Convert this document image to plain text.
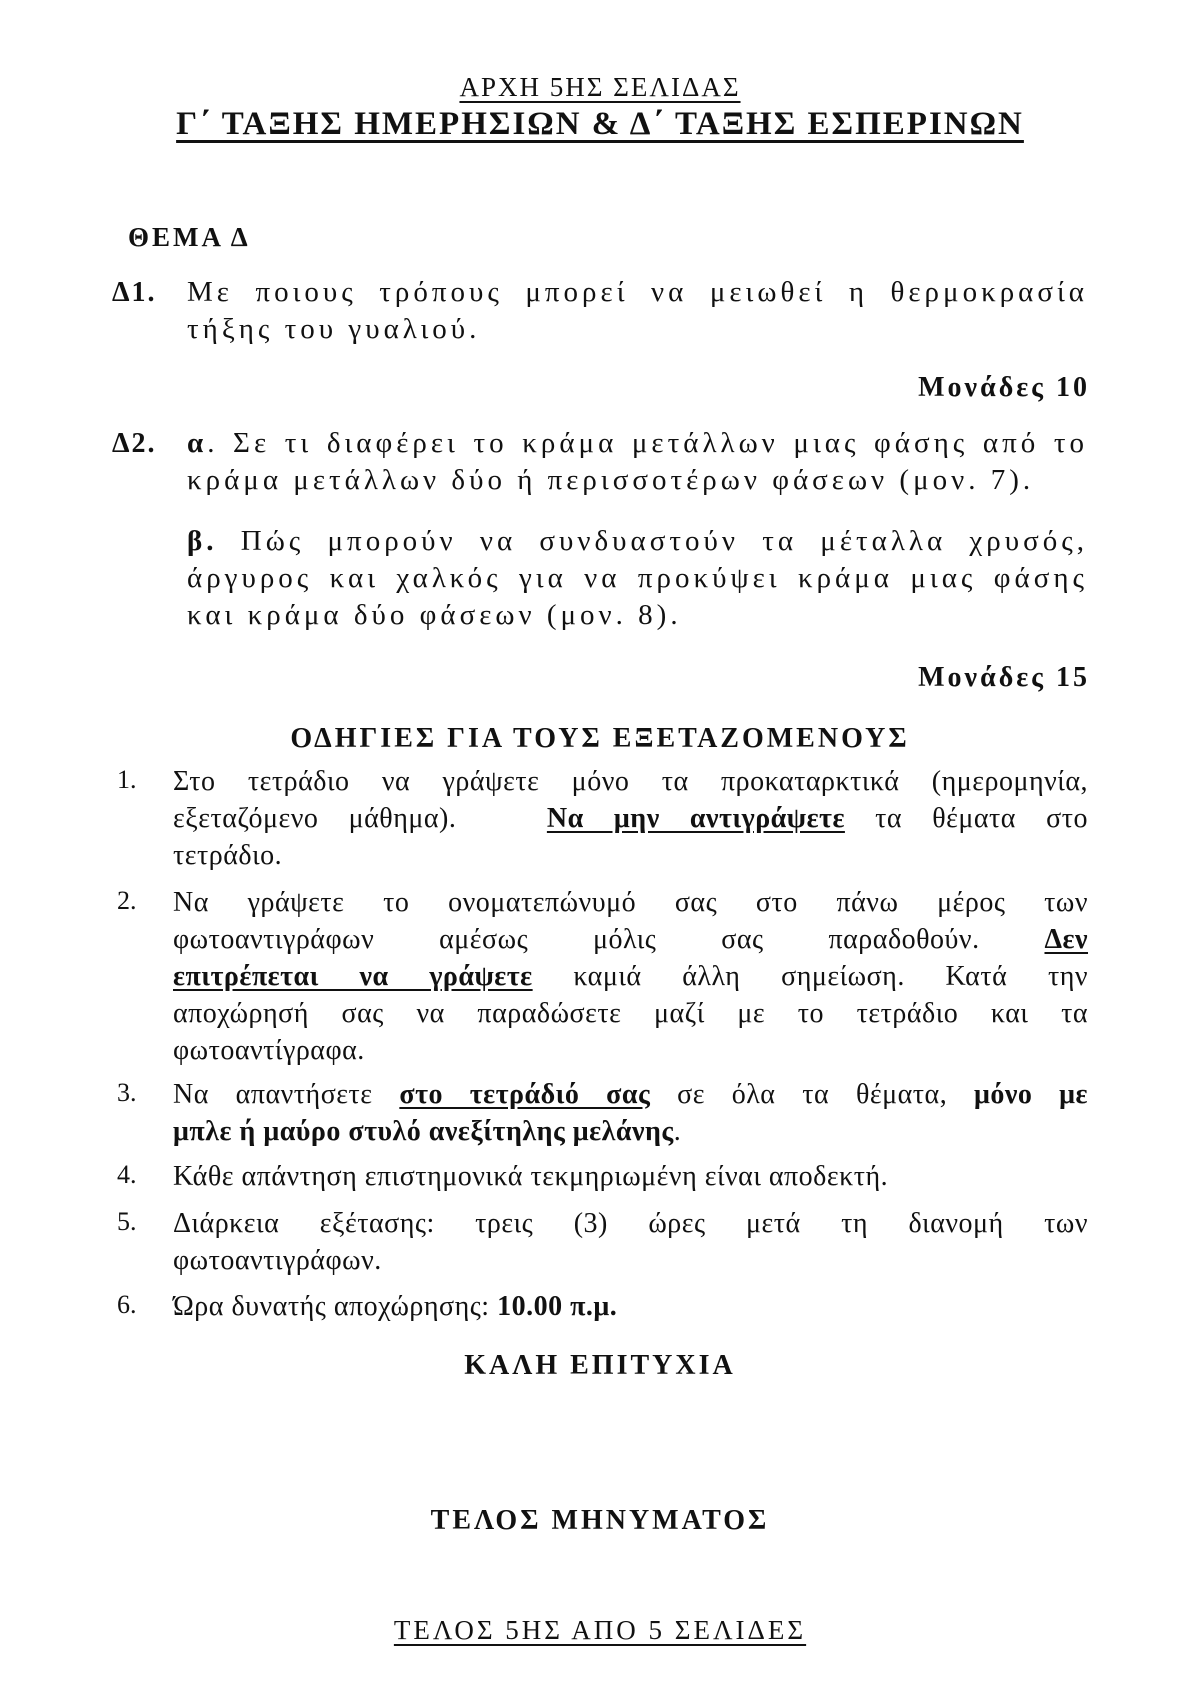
ΑΡΧΗ 5ΗΣ ΣΕΛΙΔΑΣ
Γ΄ ΤΑΞΗΣ ΗΜΕΡΗΣΙΩΝ & Δ΄ ΤΑΞΗΣ ΕΣΠΕΡΙΝΩΝ
ΘΕΜΑ Δ
Δ1. Με ποιους τρόπους μπορεί να μειωθεί η θερμοκρασία
τήξης του γυαλιού.
Μονάδες 10
Δ2. α. Σε τι διαφέρει το κράμα μετάλλων μιας φάσης από το
κράμα μετάλλων δύο ή περισσοτέρων φάσεων (μον. 7).
β. Πώς μπορούν να συνδυαστούν τα μέταλλα χρυσός,
άργυρος και χαλκός για να προκύψει κράμα μιας φάσης
και κράμα δύο φάσεων (μον. 8).
Μονάδες 15
ΟΔΗΓΙΕΣ ΓΙΑ ΤΟΥΣ ΕΞΕΤΑΖΟΜΕΝΟΥΣ
1. Στο τετράδιο να γράψετε μόνο τα προκαταρκτικά (ημερομηνία,
εξεταζόμενο μάθημα).	Να μην αντιγράψετε τα θέματα στο
τετράδιο.
2. Να γράψετε το ονοματεπώνυμό σας στο πάνω μέρος των
φωτοαντιγράφων αμέσως μόλις σας παραδοθούν. Δεν
επιτρέπεται να γράψετε καμιά άλλη σημείωση. Κατά την
αποχώρησή σας να παραδώσετε μαζί με το τετράδιο και τα
φωτοαντίγραφα.
3. Να απαντήσετε στο τετράδιό σας σε όλα τα θέματα, μόνο με
μπλε ή μαύρο στυλό ανεξίτηλης μελάνης.
4. Κάθε απάντηση επιστημονικά τεκμηριωμένη είναι αποδεκτή.
5. Διάρκεια εξέτασης: τρεις (3) ώρες μετά τη διανομή των
φωτοαντιγράφων.
6. Ώρα δυνατής αποχώρησης: 10.00 π.μ.
ΚΑΛΗ ΕΠΙΤΥΧΙΑ
ΤΕΛΟΣ ΜΗΝΥΜΑΤΟΣ
ΤΕΛΟΣ 5ΗΣ ΑΠΟ 5 ΣΕΛΙΔΕΣ
